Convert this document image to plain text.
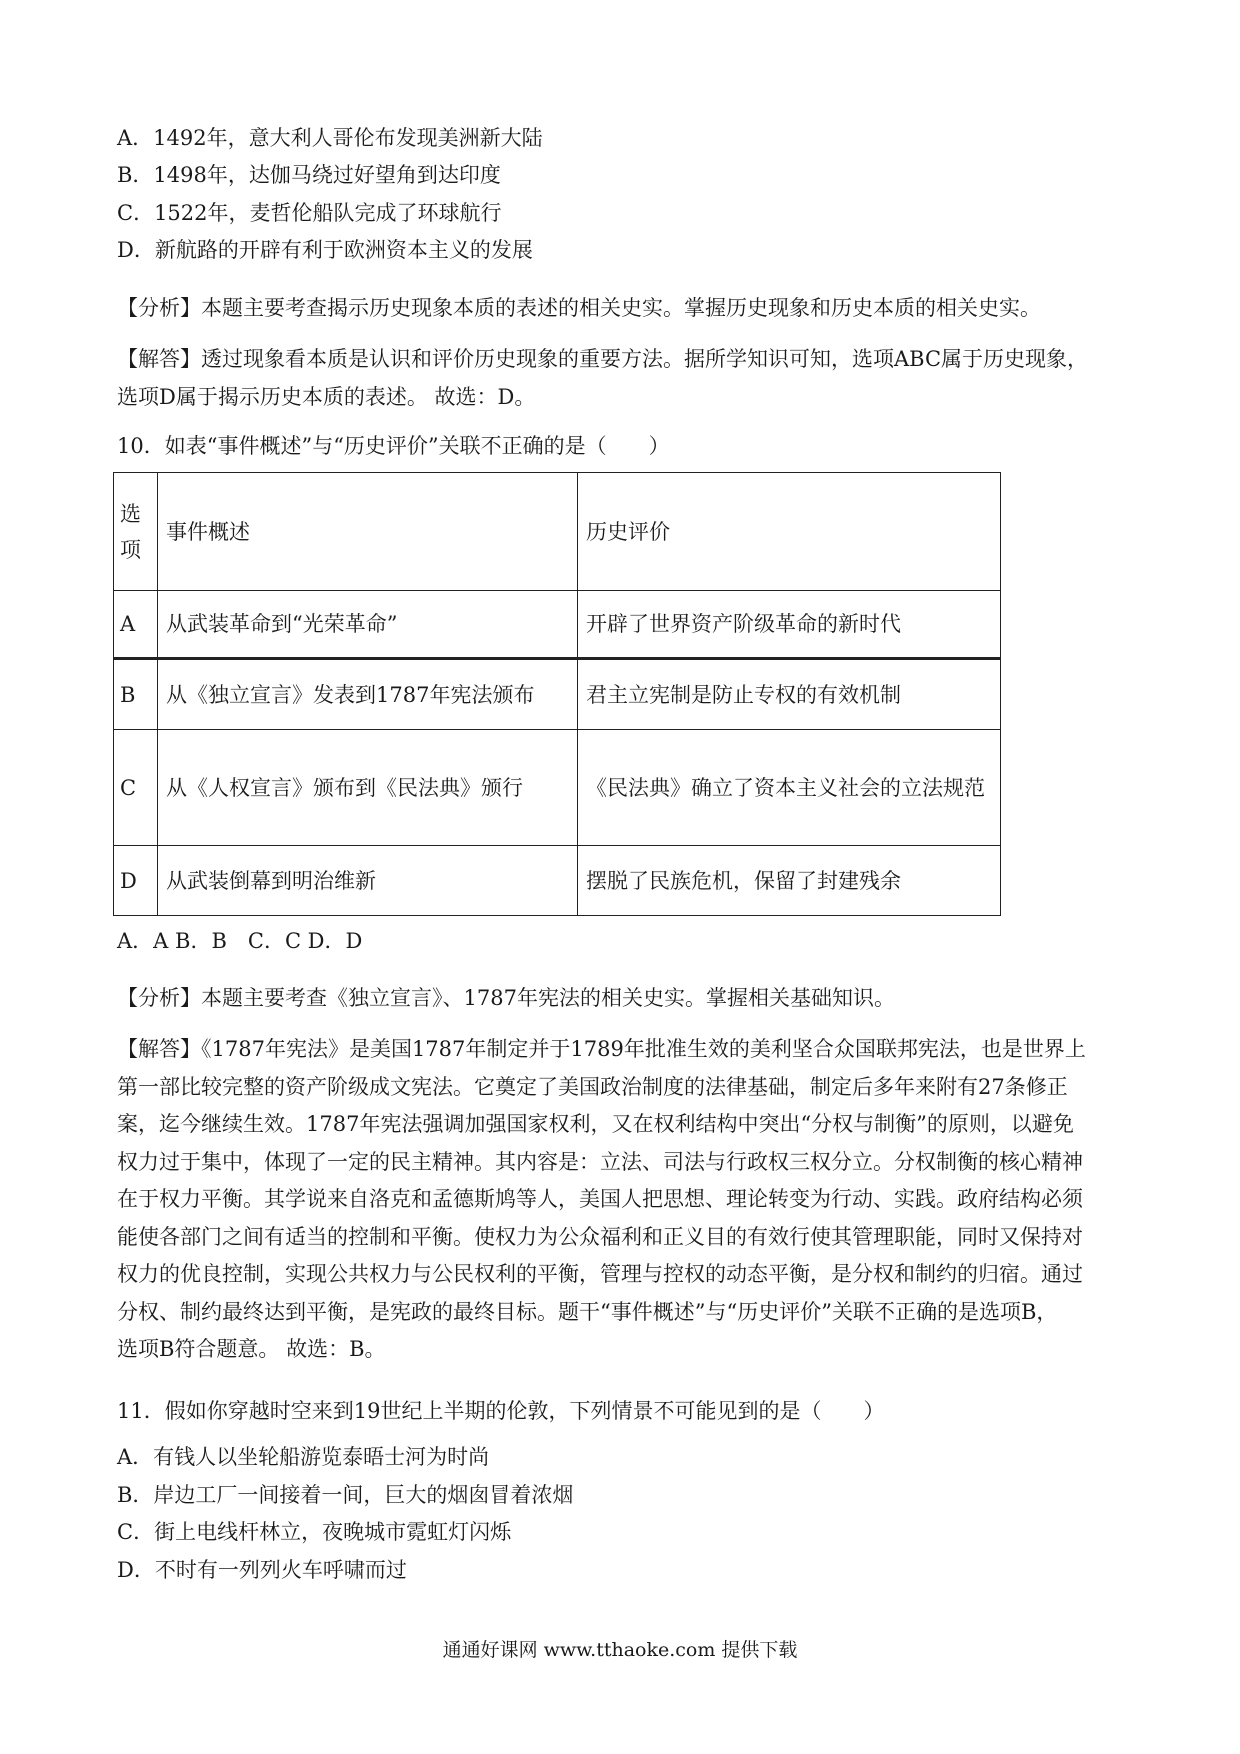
A．1492年，意大利人哥伦布发现美洲新大陆
B．1498年，达伽马绕过好望角到达印度
C．1522年，麦哲伦船队完成了环球航行
D．新航路的开辟有利于欧洲资本主义的发展
【分析】本题主要考查揭示历史现象本质的表述的相关史实。掌握历史现象和历史本质的相关史实。
【解答】透过现象看本质是认识和评价历史现象的重要方法。据所学知识可知，选项ABC属于历史现象，
选项D属于揭示历史本质的表述。 故选：D。
10．如表“事件概述”与“历史评价”关联不正确的是（　　）
选项	事件概述	历史评价
A	从武装革命到“光荣革命”	开辟了世界资产阶级革命的新时代
B	从《独立宣言》发表到1787年宪法颁布	君主立宪制是防止专权的有效机制
C	从《人权宣言》颁布到《民法典》颁行	《民法典》确立了资本主义社会的立法规范
D	从武装倒幕到明治维新	摆脱了民族危机，保留了封建残余
A．A B．B　C．C D．D
【分析】本题主要考查《独立宣言》、1787年宪法的相关史实。掌握相关基础知识。
【解答】《1787年宪法》是美国1787年制定并于1789年批准生效的美利坚合众国联邦宪法，也是世界上
第一部比较完整的资产阶级成文宪法。它奠定了美国政治制度的法律基础，制定后多年来附有27条修正
案，迄今继续生效。1787年宪法强调加强国家权利，又在权利结构中突出“分权与制衡”的原则，以避免
权力过于集中，体现了一定的民主精神。其内容是：立法、司法与行政权三权分立。分权制衡的核心精神
在于权力平衡。其学说来自洛克和孟德斯鸠等人，美国人把思想、理论转变为行动、实践。政府结构必须
能使各部门之间有适当的控制和平衡。使权力为公众福利和正义目的有效行使其管理职能，同时又保持对
权力的优良控制，实现公共权力与公民权利的平衡，管理与控权的动态平衡，是分权和制约的归宿。通过
分权、制约最终达到平衡，是宪政的最终目标。题干“事件概述”与“历史评价”关联不正确的是选项B，
选项B符合题意。 故选：B。
11．假如你穿越时空来到19世纪上半期的伦敦，下列情景不可能见到的是（　　）
A．有钱人以坐轮船游览泰晤士河为时尚
B．岸边工厂一间接着一间，巨大的烟囱冒着浓烟
C．街上电线杆林立，夜晚城市霓虹灯闪烁
D．不时有一列列火车呼啸而过
通通好课网 www.tthaoke.com 提供下载
